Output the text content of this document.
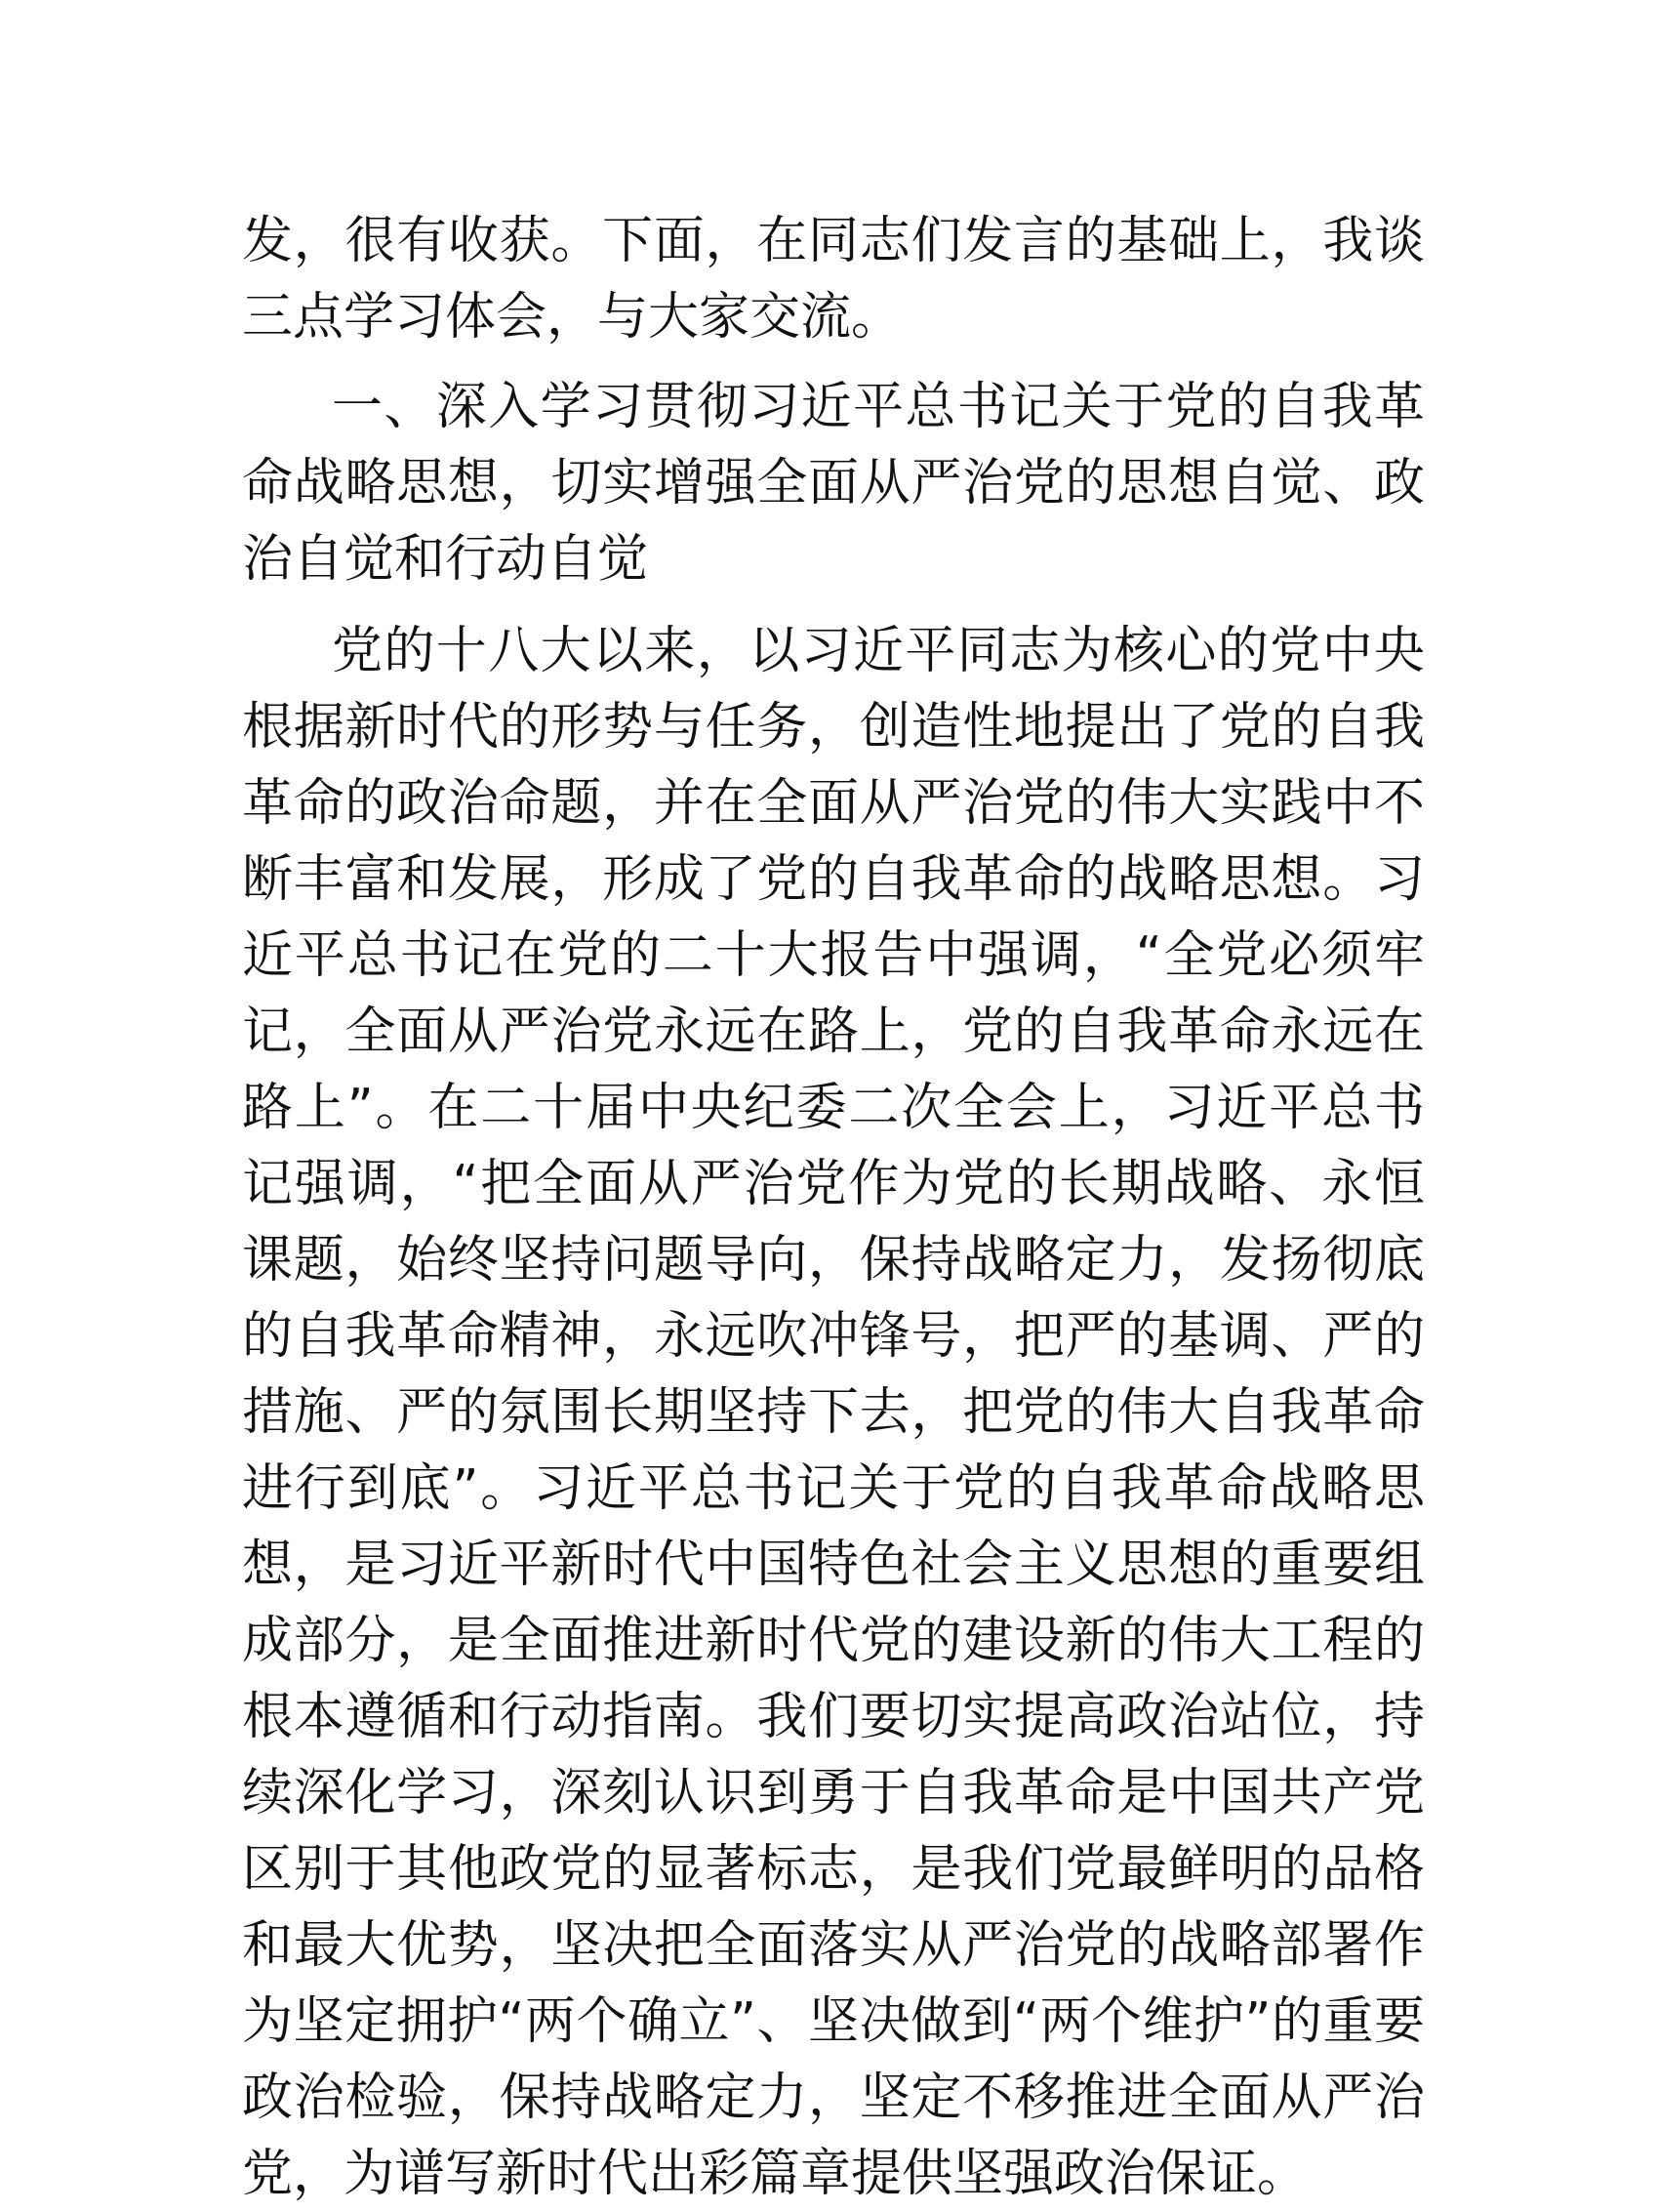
发，很有收获。下面，在同志们发言的基础上，我谈三点学习体会，与大家交流。

一、深入学习贯彻习近平总书记关于党的自我革命战略思想，切实增强全面从严治党的思想自觉、政治自觉和行动自觉

党的十八大以来，以习近平同志为核心的党中央根据新时代的形势与任务，创造性地提出了党的自我革命的政治命题，并在全面从严治党的伟大实践中不断丰富和发展，形成了党的自我革命的战略思想。习近平总书记在党的二十大报告中强调，“全党必须牢记，全面从严治党永远在路上，党的自我革命永远在路上”。在二十届中央纪委二次全会上，习近平总书记强调，“把全面从严治党作为党的长期战略、永恒课题，始终坚持问题导向，保持战略定力，发扬彻底的自我革命精神，永远吹冲锋号，把严的基调、严的措施、严的氛围长期坚持下去，把党的伟大自我革命进行到底”。习近平总书记关于党的自我革命战略思想，是习近平新时代中国特色社会主义思想的重要组成部分，是全面推进新时代党的建设新的伟大工程的根本遵循和行动指南。我们要切实提高政治站位，持续深化学习，深刻认识到勇于自我革命是中国共产党区别于其他政党的显著标志，是我们党最鲜明的品格和最大优势，坚决把全面落实从严治党的战略部署作为坚定拥护“两个确立”、坚决做到“两个维护”的重要政治检验，保持战略定力，坚定不移推进全面从严治党，为谱写新时代出彩篇章提供坚强政治保证。
